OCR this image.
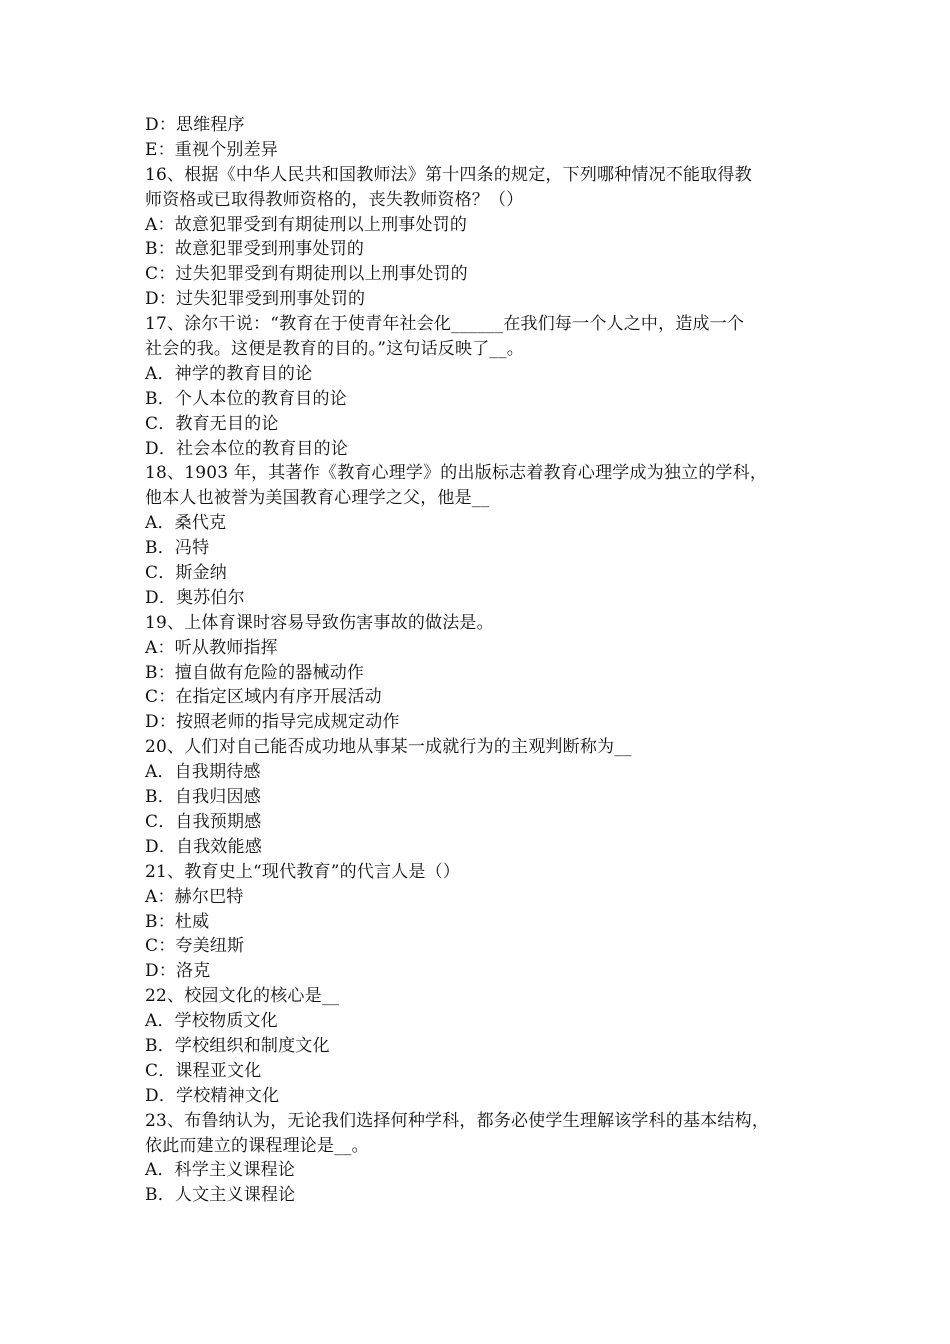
D：思维程序
E：重视个别差异
16、根据《中华人民共和国教师法》第十四条的规定，下列哪种情况不能取得教
师资格或已取得教师资格的，丧失教师资格？（）
A：故意犯罪受到有期徒刑以上刑事处罚的
B：故意犯罪受到刑事处罚的
C：过失犯罪受到有期徒刑以上刑事处罚的
D：过失犯罪受到刑事处罚的
17、涂尔干说：“教育在于使青年社会化______在我们每一个人之中，造成一个
社会的我。这便是教育的目的。”这句话反映了__。
A．神学的教育目的论
B．个人本位的教育目的论
C．教育无目的论
D．社会本位的教育目的论
18、1903 年，其著作《教育心理学》的出版标志着教育心理学成为独立的学科，
他本人也被誉为美国教育心理学之父，他是__
A．桑代克
B．冯特
C．斯金纳
D．奥苏伯尔
19、上体育课时容易导致伤害事故的做法是。
A：听从教师指挥
B：擅自做有危险的器械动作
C：在指定区域内有序开展活动
D：按照老师的指导完成规定动作
20、人们对自己能否成功地从事某一成就行为的主观判断称为__
A．自我期待感
B．自我归因感
C．自我预期感
D．自我效能感
21、教育史上“现代教育”的代言人是（）
A：赫尔巴特
B：杜威
C：夸美纽斯
D：洛克
22、校园文化的核心是__
A．学校物质文化
B．学校组织和制度文化
C．课程亚文化
D．学校精神文化
23、布鲁纳认为，无论我们选择何种学科，都务必使学生理解该学科的基本结构，
依此而建立的课程理论是__。
A．科学主义课程论
B．人文主义课程论
